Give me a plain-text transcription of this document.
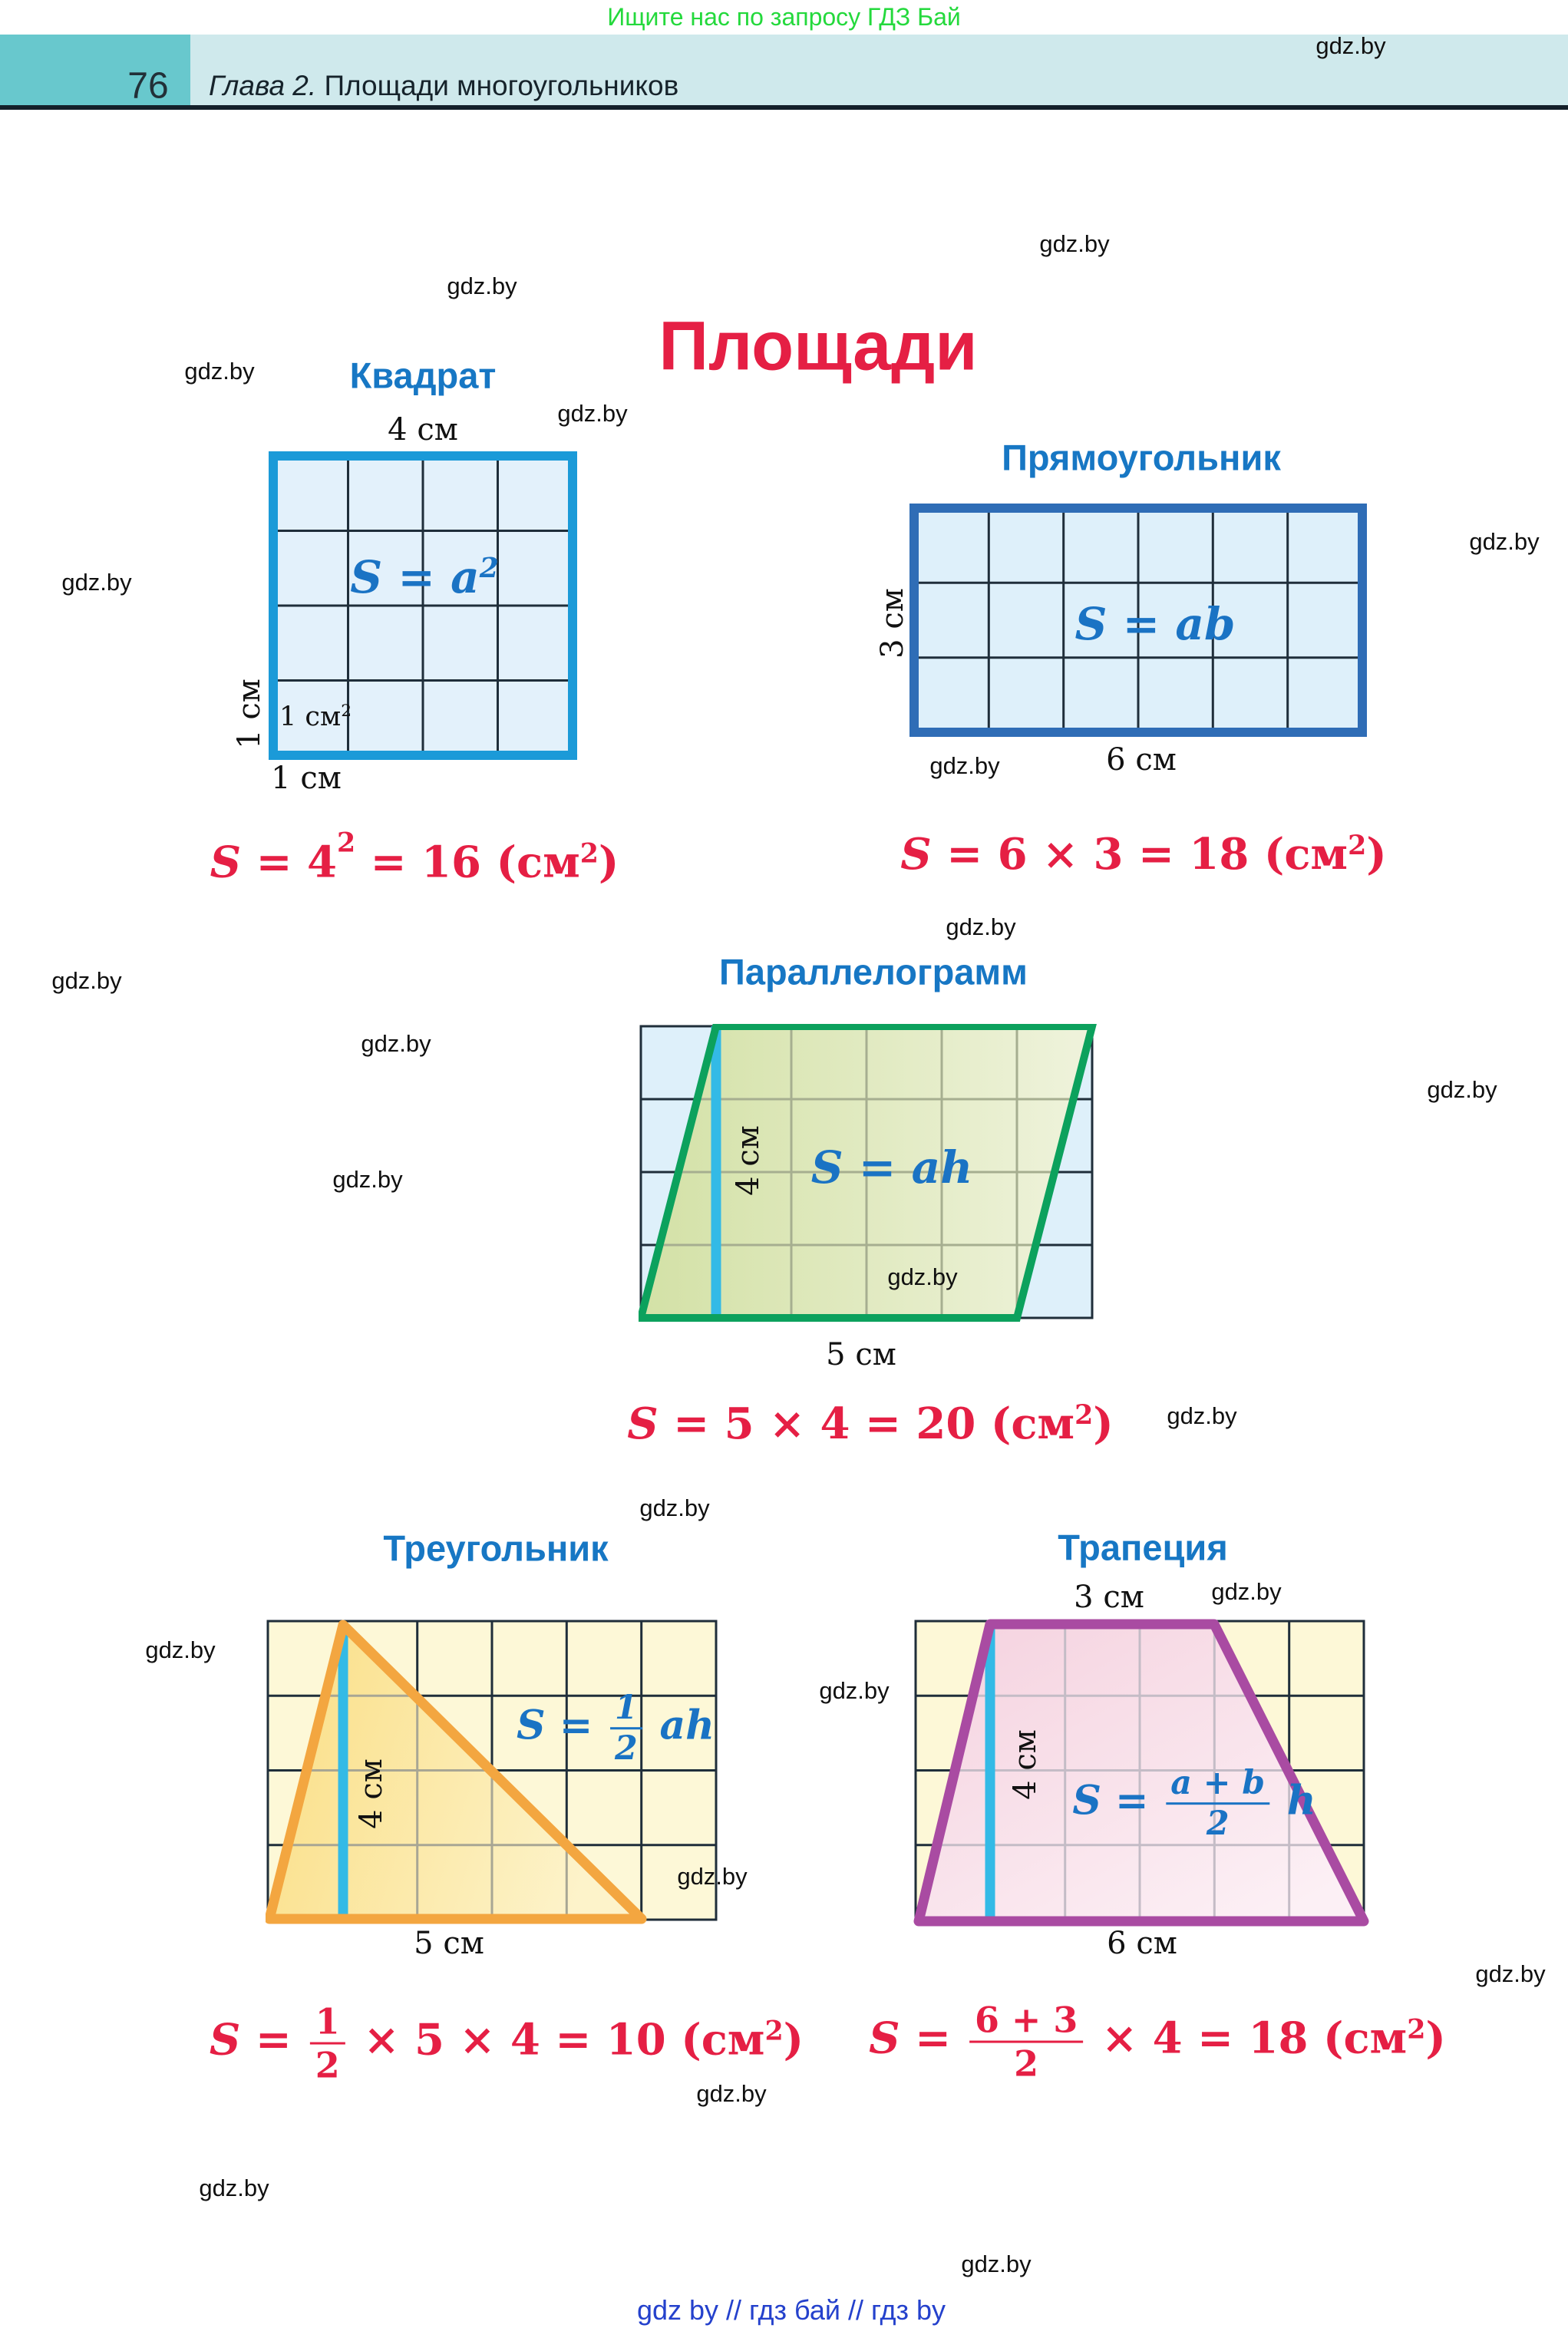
Ищите нас по запросу ГДЗ Бай
76 Глава 2. Площади многоугольников
Площади
Квадрат
4 см
$S = a^2$
1 см 1 $см^2$
1 см
$S = 4^2 = 16$ $(см^2)$
Прямоугольник
S = ab
3 см
6 см
S = 6 × 3 = 18 $(см^2)$
Параллелограмм
4 см S = ah
5 см
S = 5 × 4 = 20 $(см^2)$
Треугольник
4 см
$S = \frac{1}{2}$ ah
5 см
$S = \frac{1}{2} \times 5 \times 4 = 10$ $(см^2)$
Трапеция
3 см
4 см
$S = \frac{a + b}{2}$ h
6 см
$S = \frac{6 + 3}{2} \times 4 = 18$ $(см^2)$
gdz.by
gdz.by
gdz.by
gdz.by
gdz.by
gdz.by
gdz.by
gdz.by
gdz.by
gdz.by
gdz.by
gdz.by
gdz.by
gdz.by
gdz.by
gdz.by
gdz.by
gdz.by
gdz.by
gdz.by
gdz.by
gdz.by
gdz.by
gdz.by
gdz by // гдз бай // гдз by
